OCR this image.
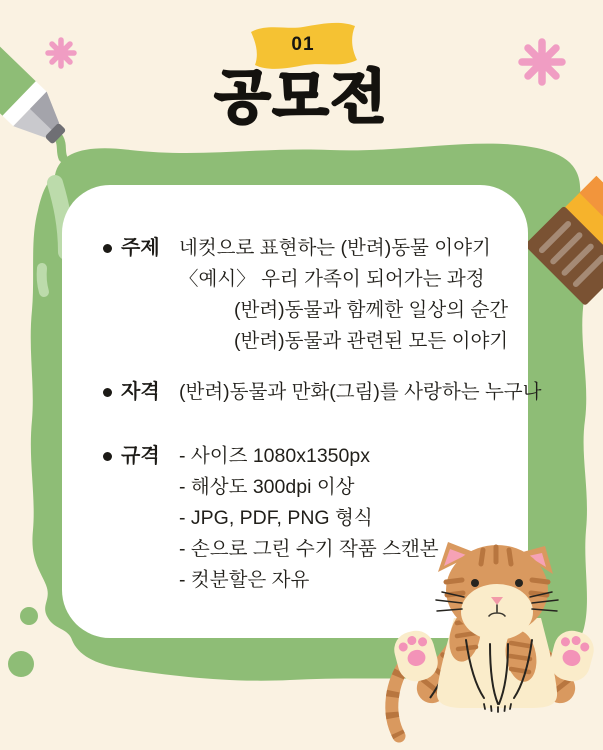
01
공모전
주제 네컷으로 표현하는 (반려)동물 이야기

〈예시〉 우리 가족이 되어가는 과정

(반려)동물과 함께한 일상의 순간

(반려)동물과 관련된 모든 이야기

자격 (반려)동물과 만화(그림)를 사랑하는 누구나

규격 - 사이즈 1080x1350px

- 해상도 300dpi 이상

- JPG, PDF, PNG 형식

- 손으로 그린 수기 작품 스캔본

- 컷분할은 자유
